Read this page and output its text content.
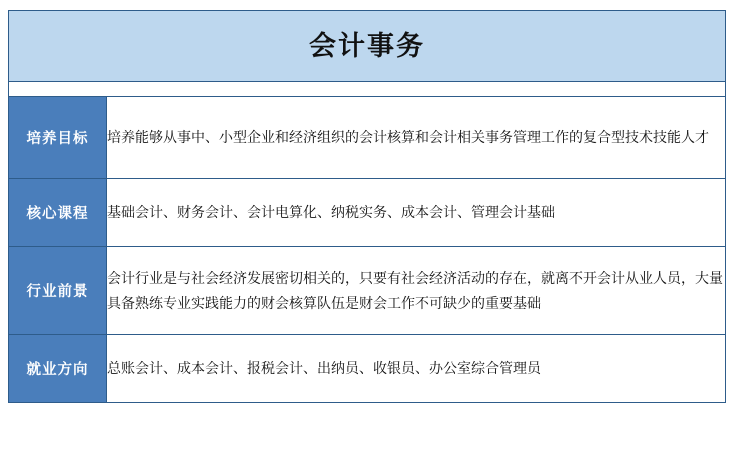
会计事务	

培养目标	培养能够从事中、小型企业和经济组织的会计核算和会计相关事务管理工作的复合型技术技能人才
核心课程	基础会计、财务会计、会计电算化、纳税实务、成本会计、管理会计基础
行业前景	会计行业是与社会经济发展密切相关的，只要有社会经济活动的存在，就离不开会计从业人员，大量具备熟练专业实践能力的财会核算队伍是财会工作不可缺少的重要基础
就业方向	总账会计、成本会计、报税会计、出纳员、收银员、办公室综合管理员
